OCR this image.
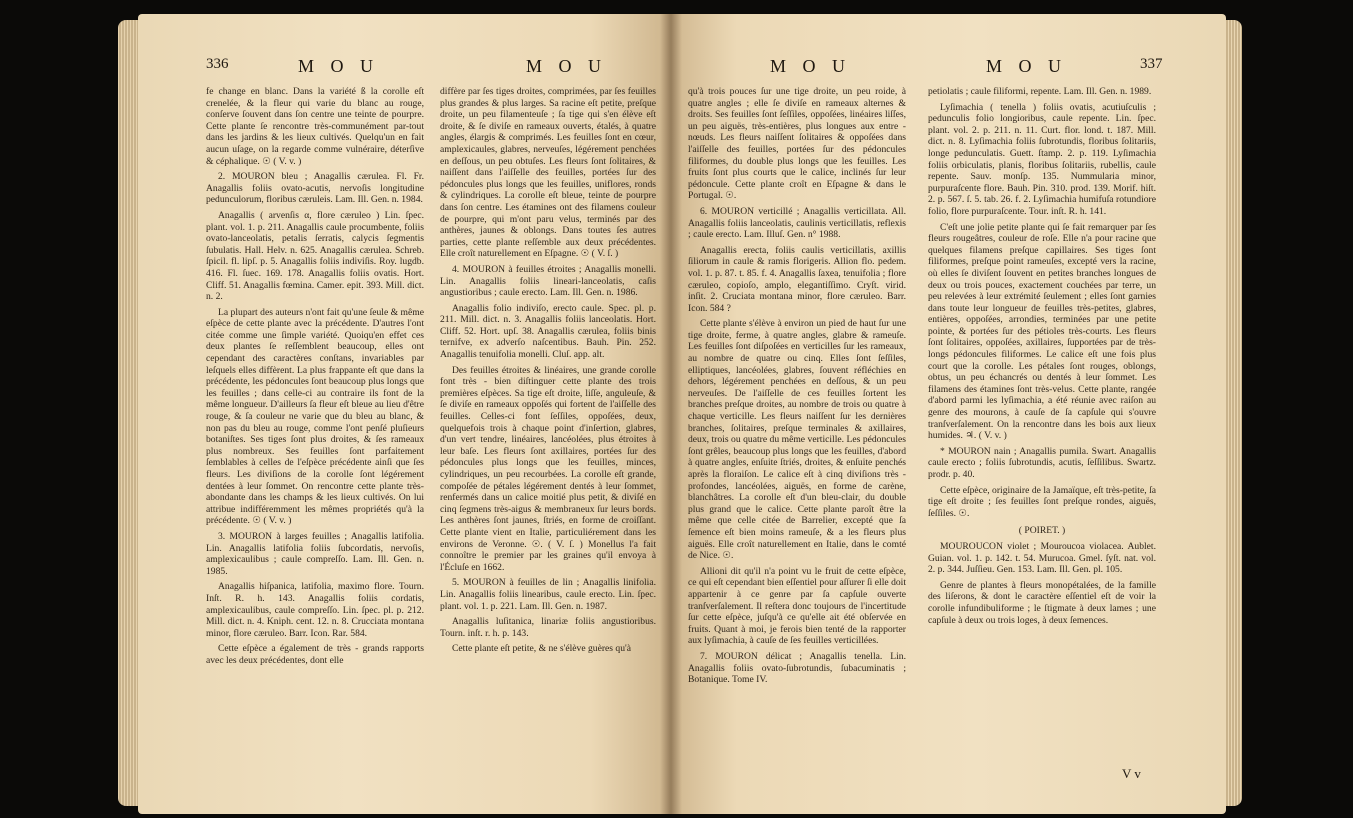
336	M O U	M O U

fe change en blanc. Dans la variété ß la corolle eſt crenelée, & la fleur qui varie du blanc au rouge, conſerve ſouvent dans ſon centre une teinte de pourpre. Cette plante ſe rencontre très-communément par-tout dans les jardins & les lieux cultivés. Quelqu'un en fait aucun uſage, on la regarde comme vulnéraire, déterſive & céphalique. ☉ ( V. v. )

2. MOURON bleu ; Anagallis cærulea. Fl. Fr. Anagallis foliis ovato-acutis, nervoſis longitudine pedunculorum, floribus cæruleis. Lam. Ill. Gen. n. 1984.

Anagallis ( arvenſis α, flore cæruleo ) Lin. ſpec. plant. vol. 1. p. 211. Anagallis caule procumbente, foliis ovato-lanceolatis, petalis ſerratis, calycis ſegmentis ſubulatis. Hall. Helv. n. 625. Anagallis cærulea. Schreb. ſpicil. fl. lipſ. p. 5. Anagallis foliis indiviſis. Roy. lugdb. 416. Fl. ſuec. 169. 178. Anagallis foliis ovatis. Hort. Cliff. 51. Anagallis fœmina. Camer. epit. 393. Mill. dict. n. 2.

La plupart des auteurs n'ont fait qu'une ſeule & même eſpèce de cette plante avec la précédente. D'autres l'ont citée comme une ſimple variété. Quoiqu'en effet ces deux plantes ſe reſſemblent beaucoup, elles ont cependant des caractères conſtans, invariables par leſquels elles diffèrent. La plus frappante eſt que dans la précédente, les pédoncules ſont beaucoup plus longs que les feuilles ; dans celle-ci au contraire ils font de la même longueur. D'ailleurs ſa fleur eſt bleue au lieu d'être rouge, & ſa couleur ne varie que du bleu au blanc, & non pas du bleu au rouge, comme l'ont penſé pluſieurs botaniſtes. Ses tiges ſont plus droites, & ſes rameaux plus nombreux. Ses feuilles ſont parfaitement ſemblables à celles de l'eſpèce précédente ainſi que ſes fleurs. Les diviſions de la corolle ſont légérement dentées à leur ſommet. On rencontre cette plante très-abondante dans les champs & les lieux cultivés. On lui attribue indifféremment les mêmes propriétés qu'à la précédente. ☉ ( V. v. )

3. MOURON à larges feuilles ; Anagallis latifolia. Lin. Anagallis latifolia foliis ſubcordatis, nervoſis, amplexicaulibus ; caule compreſſo. Lam. Ill. Gen. n. 1985.

Anagallis hiſpanica, latifolia, maximo flore. Tourn. Inſt. R. h. 143. Anagallis foliis cordatis, amplexicaulibus, caule compreſſo. Lin. ſpec. pl. p. 212. Mill. dict. n. 4. Kniph. cent. 12. n. 8. Crucciata montana minor, flore cæruleo. Barr. Icon. Rar. 584.

Cette eſpèce a également de très - grands rapports avec les deux précédentes, dont elle

diffère par ſes tiges droites, comprimées, par ſes feuilles plus grandes & plus larges. Sa racine eſt petite, preſque droite, un peu filamenteuſe ; ſa tige qui s'en élève eſt droite, & ſe diviſe en rameaux ouverts, étalés, à quatre angles, élargis & comprimés. Les feuilles ſont en cœur, amplexicaules, glabres, nerveuſes, légérement penchées en deſſous, un peu obtuſes. Les fleurs ſont ſolitaires, & naiſſent dans l'aiſſelle des feuilles, portées ſur des pédoncules plus longs que les feuilles, uniflores, ronds & cylindriques. La corolle eſt bleue, teinte de pourpre dans ſon centre. Les étamines ont des filamens couleur de pourpre, qui m'ont paru velus, terminés par des anthères, jaunes & oblongs. Dans toutes ſes autres parties, cette plante reſſemble aux deux précédentes. Elle croît naturellement en Eſpagne. ☉ ( V. ſ. )

4. MOURON à feuilles étroites ; Anagallis monelli. Lin. Anagallis foliis lineari-lanceolatis, caſis angustioribus ; caule erecto. Lam. Ill. Gen. n. 1986.

Anagallis folio indiviſo, erecto caule. Spec. pl. p. 211. Mill. dict. n. 3. Anagallis foliis lanceolatis. Hort. Cliff. 52. Hort. upſ. 38. Anagallis cærulea, foliis binis ternifve, ex adverſo naſcentibus. Bauh. Pin. 252. Anagallis tenuifolia monelli. Cluſ. app. alt.

Des feuilles étroites & linéaires, une grande corolle font très - bien diſtinguer cette plante des trois premières eſpèces. Sa tige eſt droite, liſſe, anguleuſe, & ſe diviſe en rameaux oppoſés qui fortent de l'aiſſelle des feuilles. Celles-ci font ſeſſiles, oppoſées, deux, quelquefois trois à chaque point d'inſertion, glabres, d'un vert tendre, linéaires, lancéolées, plus étroites à leur baſe. Les fleurs ſont axillaires, portées ſur des pédoncules plus longs que les feuilles, minces, cylindriques, un peu recourbées. La corolle eſt grande, compoſée de pétales légérement dentés à leur ſommet, renfermés dans un calice moitié plus petit, & diviſé en cinq ſegmens très-aigus & membraneux ſur leurs bords. Les anthères ſont jaunes, ſtriés, en forme de croiſſant. Cette plante vient en Italie, particuliérement dans les environs de Veronne. ☉. ( V. ſ. ) Monellus l'a fait connoître le premier par les graines qu'il envoya à l'Écluſe en 1662.

5. MOURON à feuilles de lin ; Anagallis linifolia. Lin. Anagallis foliis linearibus, caule erecto. Lin. ſpec. plant. vol. 1. p. 221. Lam. Ill. Gen. n. 1987.

Anagallis luſitanica, linariæ foliis angustioribus. Tourn. inſt. r. h. p. 143.

Cette plante eſt petite, & ne s'élève guères qu'à

M O U	M O U	337

qu'à trois pouces ſur une tige droite, un peu roide, à quatre angles ; elle ſe diviſe en rameaux alternes & droits. Ses feuilles ſont ſeſſiles, oppoſées, linéaires liſſes, un peu aiguës, très-entières, plus longues aux entre - nœuds. Les fleurs naiſſent ſolitaires & oppoſées dans l'aiſſelle des feuilles, portées ſur des pédoncules filiformes, du double plus longs que les feuilles. Les fruits ſont plus courts que le calice, inclinés ſur leur pédoncule. Cette plante croît en Eſpagne & dans le Portugal. ☉.

6. MOURON verticillé ; Anagallis verticillata. All. Anagallis foliis lanceolatis, caulinis verticillatis, reflexis ; caule erecto. Lam. Illuſ. Gen. n° 1988.

Anagallis erecta, foliis caulis verticillatis, axillis ſiliorum in caule & ramis florigeris. Allion flo. pedem. vol. 1. p. 87. t. 85. f. 4. Anagallis ſaxea, tenuifolia ; flore cæruleo, copioſo, amplo, elegantiſſimo. Cryſt. virid. inſit. 2. Cruciata montana minor, flore cæruleo. Barr. Icon. 584 ?

Cette plante s'élève à environ un pied de haut ſur une tige droite, ferme, à quatre angles, glabre & rameuſe. Les feuilles ſont diſpoſées en verticilles ſur les rameaux, au nombre de quatre ou cinq. Elles ſont ſeſſiles, elliptiques, lancéolées, glabres, ſouvent réfléchies en dehors, légérement penchées en deſſous, & un peu nerveuſes. De l'aiſſelle de ces feuilles ſortent les branches preſque droites, au nombre de trois ou quatre à chaque verticille. Les fleurs naiſſent ſur les dernières branches, ſolitaires, preſque terminales & axillaires, deux, trois ou quatre du même verticille. Les pédoncules ſont grêles, beaucoup plus longs que les feuilles, d'abord à quatre angles, enſuite ſtriés, droites, & enſuite penchés après la floraiſon. Le calice eſt à cinq diviſions très - profondes, lancéolées, aiguës, en forme de carène, blanchâtres. La corolle eſt d'un bleu-clair, du double plus grand que le calice. Cette plante paroît être la même que celle citée de Barrelier, excepté que ſa ſemence eſt bien moins rameuſe, & a les fleurs plus aiguës. Elle croît naturellement en Italie, dans le comté de Nice. ☉.

Allioni dit qu'il n'a point vu le fruit de cette eſpèce, ce qui eſt cependant bien eſſentiel pour aſſurer ſi elle doit appartenir à ce genre par ſa capſule ouverte tranſverſalement. Il reſtera donc toujours de l'incertitude ſur cette eſpèce, juſqu'à ce qu'elle ait été obſervée en fruits. Quant à moi, je ferois bien tenté de la rapporter aux lyſimachia, à cauſe de ſes feuilles verticillées.

7. MOURON délicat ; Anagallis tenella. Lin. Anagallis foliis ovato-ſubrotundis, ſubacuminatis ; Botanique. Tome IV.

petiolatis ; caule filiformi, repente. Lam. Ill. Gen. n. 1989.

Lyſimachia ( tenella ) foliis ovatis, acutiuſculis ; pedunculis folio longioribus, caule repente. Lin. ſpec. plant. vol. 2. p. 211. n. 11. Curt. flor. lond. t. 187. Mill. dict. n. 8. Lyſimachia foliis ſubrotundis, floribus ſolitariis, longe pedunculatis. Guett. ſtamp. 2. p. 119. Lyſimachia foliis orbiculatis, planis, floribus ſolitariis, rubellis, caule repente. Sauv. monſp. 135. Nummularia minor, purpuraſcente flore. Bauh. Pin. 310. prod. 139. Morif. hiſt. 2. p. 567. ſ. 5. tab. 26. f. 2. Lyſimachia humifuſa rotundiore folio, flore purpuraſcente. Tour. inſt. R. h. 141.

C'eſt une jolie petite plante qui ſe fait remarquer par ſes fleurs rougeâtres, couleur de roſe. Elle n'a pour racine que quelques filamens preſque capillaires. Ses tiges ſont filiformes, preſque point rameuſes, excepté vers la racine, où elles ſe diviſent ſouvent en petites branches longues de deux ou trois pouces, exactement couchées par terre, un peu relevées à leur extrémité ſeulement ; elles ſont garnies dans toute leur longueur de feuilles très-petites, glabres, entières, oppoſées, arrondies, terminées par une petite pointe, & portées ſur des pétioles très-courts. Les fleurs ſont ſolitaires, oppoſées, axillaires, ſupportées par de très-longs pédoncules filiformes. Le calice eſt une fois plus court que la corolle. Les pétales ſont rouges, oblongs, obtus, un peu échancrés ou dentés à leur ſommet. Les filamens des étamines ſont très-velus. Cette plante, rangée d'abord parmi les lyſimachia, a été réunie avec raiſon au genre des mourons, à cauſe de ſa capſule qui s'ouvre tranſverſalement. On la rencontre dans les bois aux lieux humides. ♃. ( V. v. )

* MOURON nain ; Anagallis pumila. Swart. Anagallis caule erecto ; foliis ſubrotundis, acutis, ſeſſilibus. Swartz. prodr. p. 40.

Cette eſpèce, originaire de la Jamaïque, eſt très-petite, ſa tige eſt droite ; ſes feuilles ſont preſque rondes, aiguës, ſeſſiles. ☉.

( POIRET. )

MOUROUCON violet ; Mouroucoa violacea. Aublet. Guian. vol. 1. p. 142. t. 54. Murucoa. Gmel. ſyſt. nat. vol. 2. p. 344. Juſſieu. Gen. 153. Lam. Ill. Gen. pl. 105.

Genre de plantes à fleurs monopétalées, de la famille des liſerons, & dont le caractère eſſentiel eſt de voir la corolle infundibuliforme ; le ſtigmate à deux lames ; une capſule à deux ou trois loges, à deux ſemences.

V v
